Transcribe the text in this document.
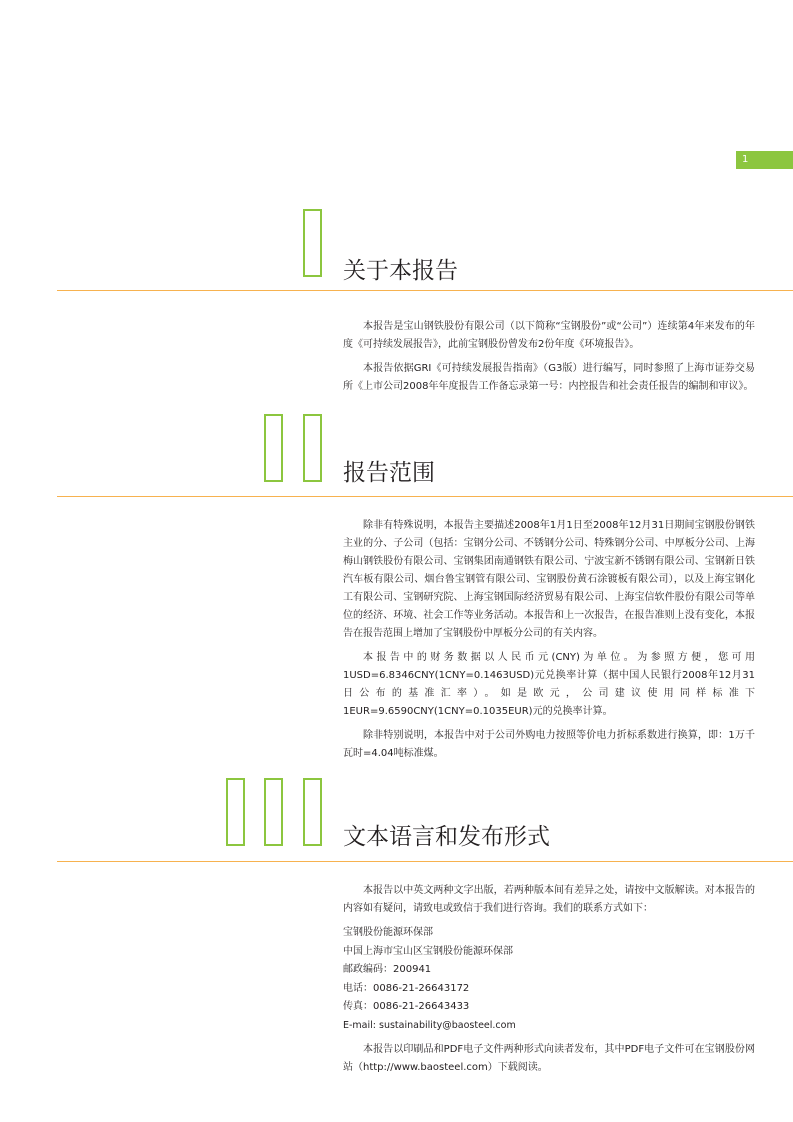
1
关于本报告

本报告是宝山钢铁股份有限公司（以下简称“宝钢股份”或“公司”）连续第4年来发布的年度《可持续发展报告》，此前宝钢股份曾发布2份年度《环境报告》。

本报告依据GRI《可持续发展报告指南》（G3版）进行编写，同时参照了上海市证券交易所《上市公司2008年年度报告工作备忘录第一号：内控报告和社会责任报告的编制和审议》。

报告范围

除非有特殊说明，本报告主要描述2008年1月1日至2008年12月31日期间宝钢股份钢铁主业的分、子公司（包括：宝钢分公司、不锈钢分公司、特殊钢分公司、中厚板分公司、上海梅山钢铁股份有限公司、宝钢集团南通钢铁有限公司、宁波宝新不锈钢有限公司、宝钢新日铁汽车板有限公司、烟台鲁宝钢管有限公司、宝钢股份黄石涂镀板有限公司），以及上海宝钢化工有限公司、宝钢研究院、上海宝钢国际经济贸易有限公司、上海宝信软件股份有限公司等单位的经济、环境、社会工作等业务活动。本报告和上一次报告，在报告准则上没有变化，本报告在报告范围上增加了宝钢股份中厚板分公司的有关内容。

本报告中的财务数据以人民币元(CNY)为单位。为参照方便，您可用1USD=6.8346CNY(1CNY=0.1463USD)元兑换率计算（据中国人民银行2008年12月31日公布的基准汇率）。如是欧元，公司建议使用同样标准下1EUR=9.6590CNY(1CNY=0.1035EUR)元的兑换率计算。

除非特别说明，本报告中对于公司外购电力按照等价电力折标系数进行换算，即：1万千瓦时=4.04吨标准煤。

文本语言和发布形式

本报告以中英文两种文字出版，若两种版本间有差异之处，请按中文版解读。对本报告的内容如有疑问，请致电或致信于我们进行咨询。我们的联系方式如下：

宝钢股份能源环保部
中国上海市宝山区宝钢股份能源环保部
邮政编码：200941
电话：0086-21-26643172
传真：0086-21-26643433
E-mail: sustainability@baosteel.com

本报告以印刷品和PDF电子文件两种形式向读者发布，其中PDF电子文件可在宝钢股份网站（http://www.baosteel.com）下载阅读。
